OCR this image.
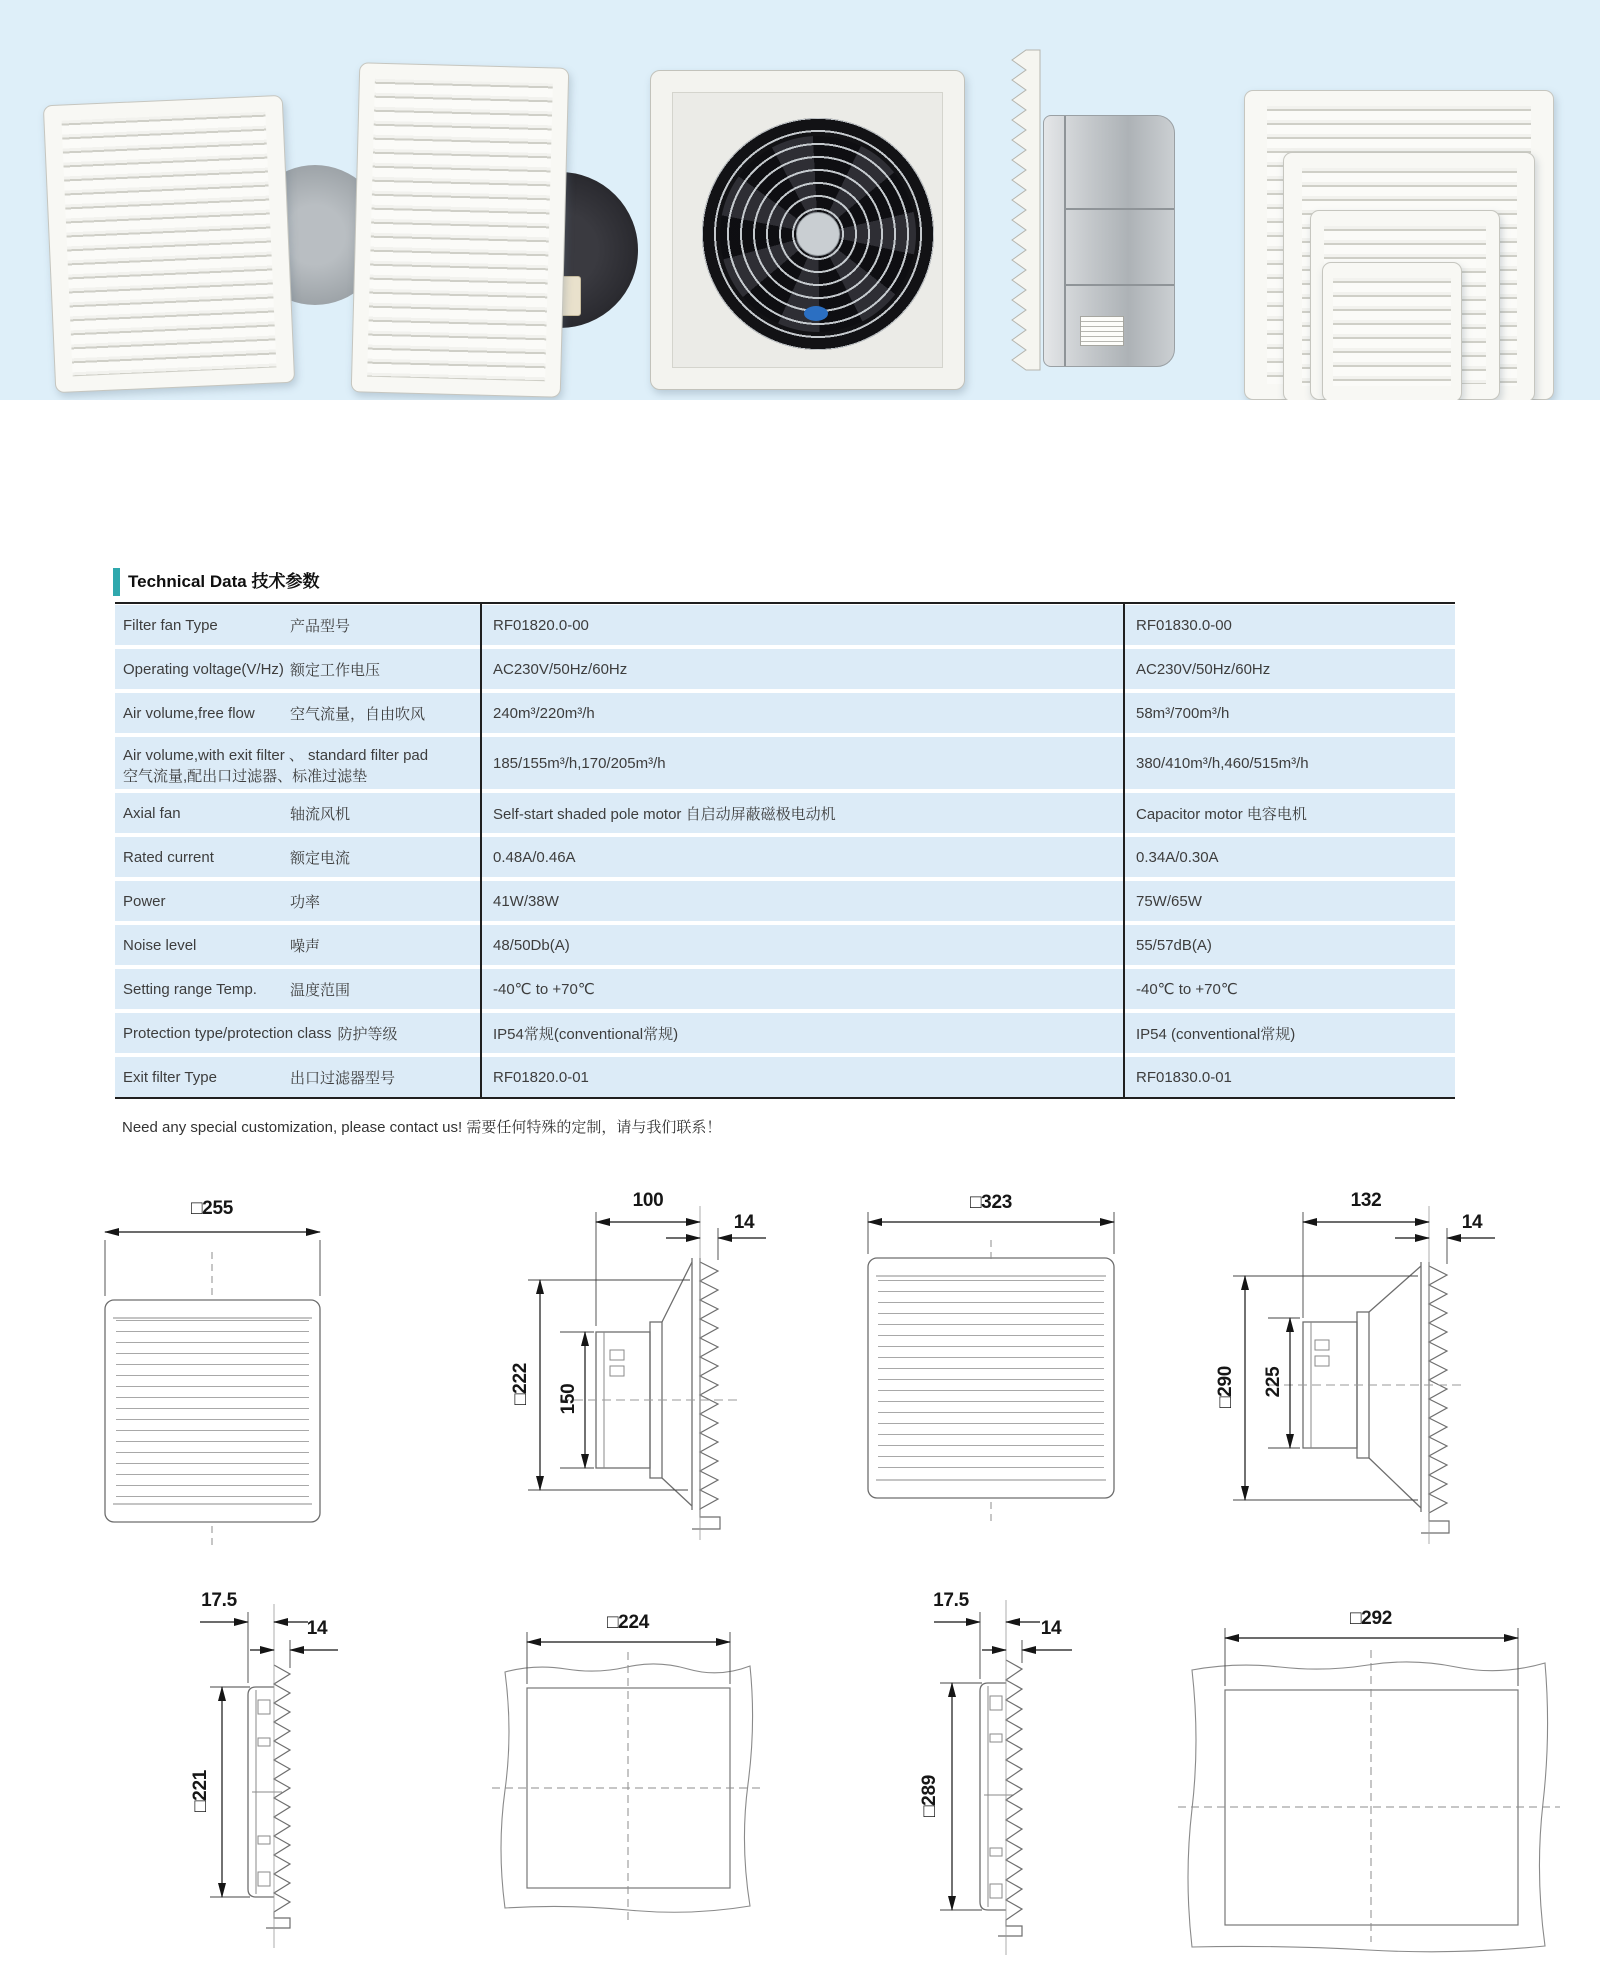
Technical Data 技术参数
Filter fan Type	产品型号	RF01820.0-00	RF01830.0-00
Operating voltage(V/Hz) 额定工作电压	AC230V/50Hz/60Hz	AC230V/50Hz/60Hz
Air volume,free flow	空气流量，自由吹风	240m³/220m³/h	58m³/700m³/h
Air volume,with exit filter 、 standard filter pad
空气流量,配出口过滤器、标准过滤垫
185/155m³/h,170/205m³/h	380/410m³/h,460/515m³/h
Axial fan	轴流风机	Self-start shaded pole motor 自启动屏蔽磁极电动机	Capacitor motor 电容电机
Rated current	额定电流	0.48A/0.46A	0.34A/0.30A
Power	功率	41W/38W	75W/65W
Noise level	噪声	48/50Db(A)	55/57dB(A)
Setting range Temp.	温度范围	-40℃ to +70℃	-40℃ to +70℃
Protection type/protection class 防护等级	IP54常规(conventional常规)	IP54 (conventional常规)
Exit filter Type	出口过滤器型号	RF01820.0-01	RF01830.0-01

Need any special customization, please contact us! 需要任何特殊的定制，请与我们联系！

□255	100
14
□222 150
□323	132
14
□290 225
17.5
14
□221
□224
17.5
14
□289
□292
